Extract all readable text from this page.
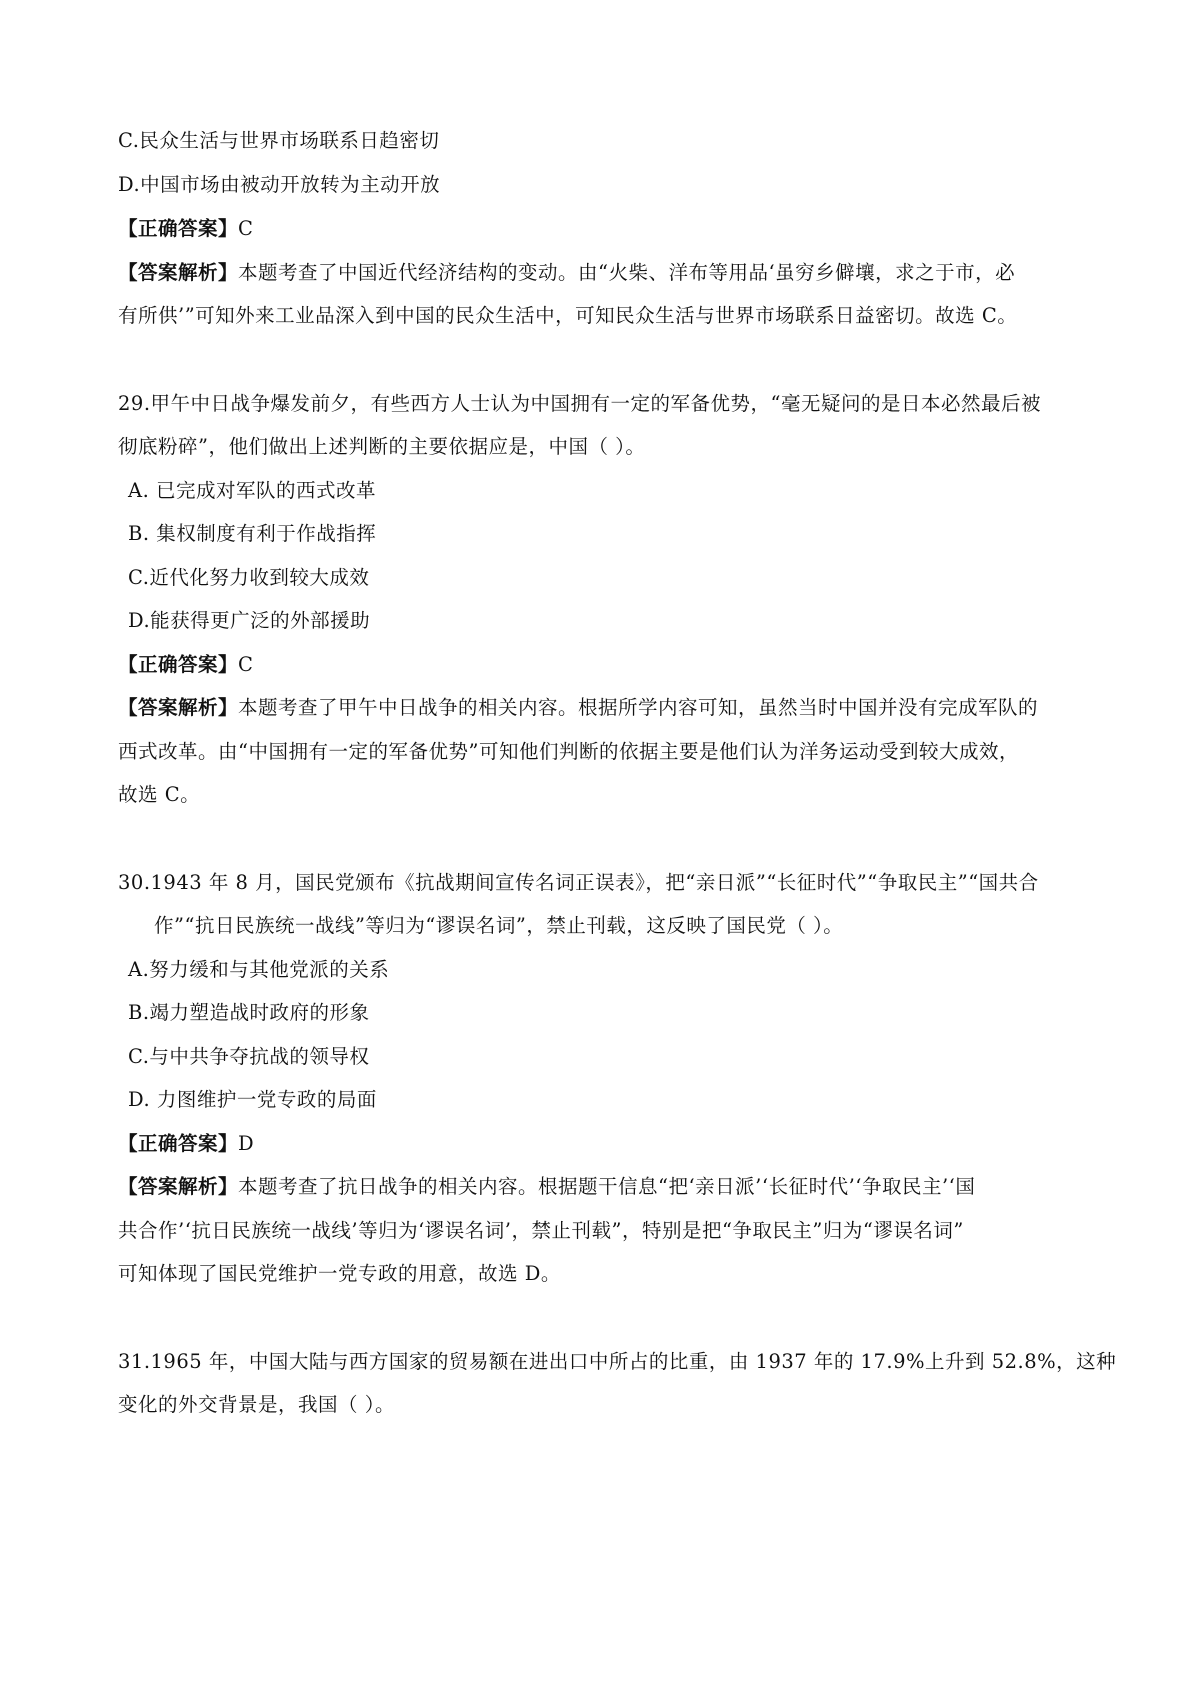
C.民众生活与世界市场联系日趋密切
D.中国市场由被动开放转为主动开放
【正确答案】C
【答案解析】本题考查了中国近代经济结构的变动。由“火柴、洋布等用品‘虽穷乡僻壤，求之于市，必
有所供’”可知外来工业品深入到中国的民众生活中，可知民众生活与世界市场联系日益密切。故选 C。
29.甲午中日战争爆发前夕，有些西方人士认为中国拥有一定的军备优势，“毫无疑问的是日本必然最后被
彻底粉碎”，他们做出上述判断的主要依据应是，中国（ ）。
A. 已完成对军队的西式改革
B. 集权制度有利于作战指挥
C.近代化努力收到较大成效
D.能获得更广泛的外部援助
【正确答案】C
【答案解析】本题考查了甲午中日战争的相关内容。根据所学内容可知，虽然当时中国并没有完成军队的
西式改革。由“中国拥有一定的军备优势”可知他们判断的依据主要是他们认为洋务运动受到较大成效，
故选 C。
30.1943 年 8 月，国民党颁布《抗战期间宣传名词正误表》，把“亲日派”“长征时代”“争取民主”“国共合
作”“抗日民族统一战线”等归为“谬误名词”，禁止刊载，这反映了国民党（ ）。
A.努力缓和与其他党派的关系
B.竭力塑造战时政府的形象
C.与中共争夺抗战的领导权
D. 力图维护一党专政的局面
【正确答案】D
【答案解析】本题考查了抗日战争的相关内容。根据题干信息“把‘亲日派’‘长征时代’‘争取民主’‘国
共合作’‘抗日民族统一战线’等归为‘谬误名词’，禁止刊载”，特别是把“争取民主”归为“谬误名词”
可知体现了国民党维护一党专政的用意，故选 D。
31.1965 年，中国大陆与西方国家的贸易额在进出口中所占的比重，由 1937 年的 17.9%上升到 52.8%，这种
变化的外交背景是，我国（ ）。
